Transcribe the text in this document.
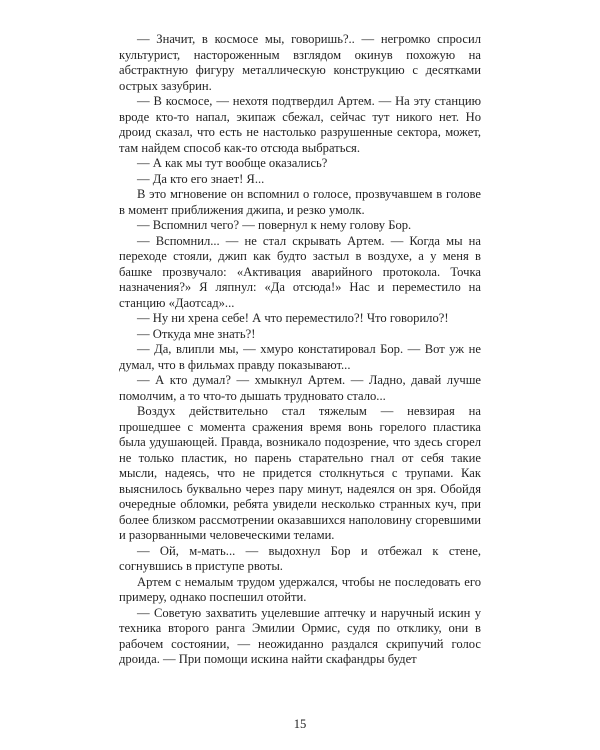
— Значит, в космосе мы, говоришь?.. — негромко спросил культурист, настороженным взглядом окинув похожую на абстрактную фигуру металлическую конструкцию с десятками острых зазубрин.

— В космосе, — нехотя подтвердил Артем. — На эту станцию вроде кто-то напал, экипаж сбежал, сейчас тут никого нет. Но дроид сказал, что есть не настолько разрушенные сектора, может, там найдем способ как-то отсюда выбраться.

— А как мы тут вообще оказались?

— Да кто его знает! Я...

В это мгновение он вспомнил о голосе, прозвучавшем в голове в момент приближения джипа, и резко умолк.

— Вспомнил чего? — повернул к нему голову Бор.

— Вспомнил... — не стал скрывать Артем. — Когда мы на переходе стояли, джип как будто застыл в воздухе, а у меня в башке прозвучало: «Активация аварийного протокола. Точка назначения?» Я ляпнул: «Да отсюда!» Нас и переместило на станцию «Даотсад»...

— Ну ни хрена себе! А что переместило?! Что говорило?!

— Откуда мне знать?!

— Да, влипли мы, — хмуро констатировал Бор. — Вот уж не думал, что в фильмах правду показывают...

— А кто думал? — хмыкнул Артем. — Ладно, давай лучше помолчим, а то что-то дышать трудновато стало...

Воздух действительно стал тяжелым — невзирая на прошедшее с момента сражения время вонь горелого пластика была удушающей. Правда, возникало подозрение, что здесь сгорел не только пластик, но парень старательно гнал от себя такие мысли, надеясь, что не придется столкнуться с трупами. Как выяснилось буквально через пару минут, надеялся он зря. Обойдя очередные обломки, ребята увидели несколько странных куч, при более близком рассмотрении оказавшихся наполовину сгоревшими и разорванными человеческими телами.

— Ой, м-мать... — выдохнул Бор и отбежал к стене, согнувшись в приступе рвоты.

Артем с немалым трудом удержался, чтобы не последовать его примеру, однако поспешил отойти.

— Советую захватить уцелевшие аптечку и наручный искин у техника второго ранга Эмилии Ормис, судя по отклику, они в рабочем состоянии, — неожиданно раздался скрипучий голос дроида. — При помощи искина найти скафандры будет

15
